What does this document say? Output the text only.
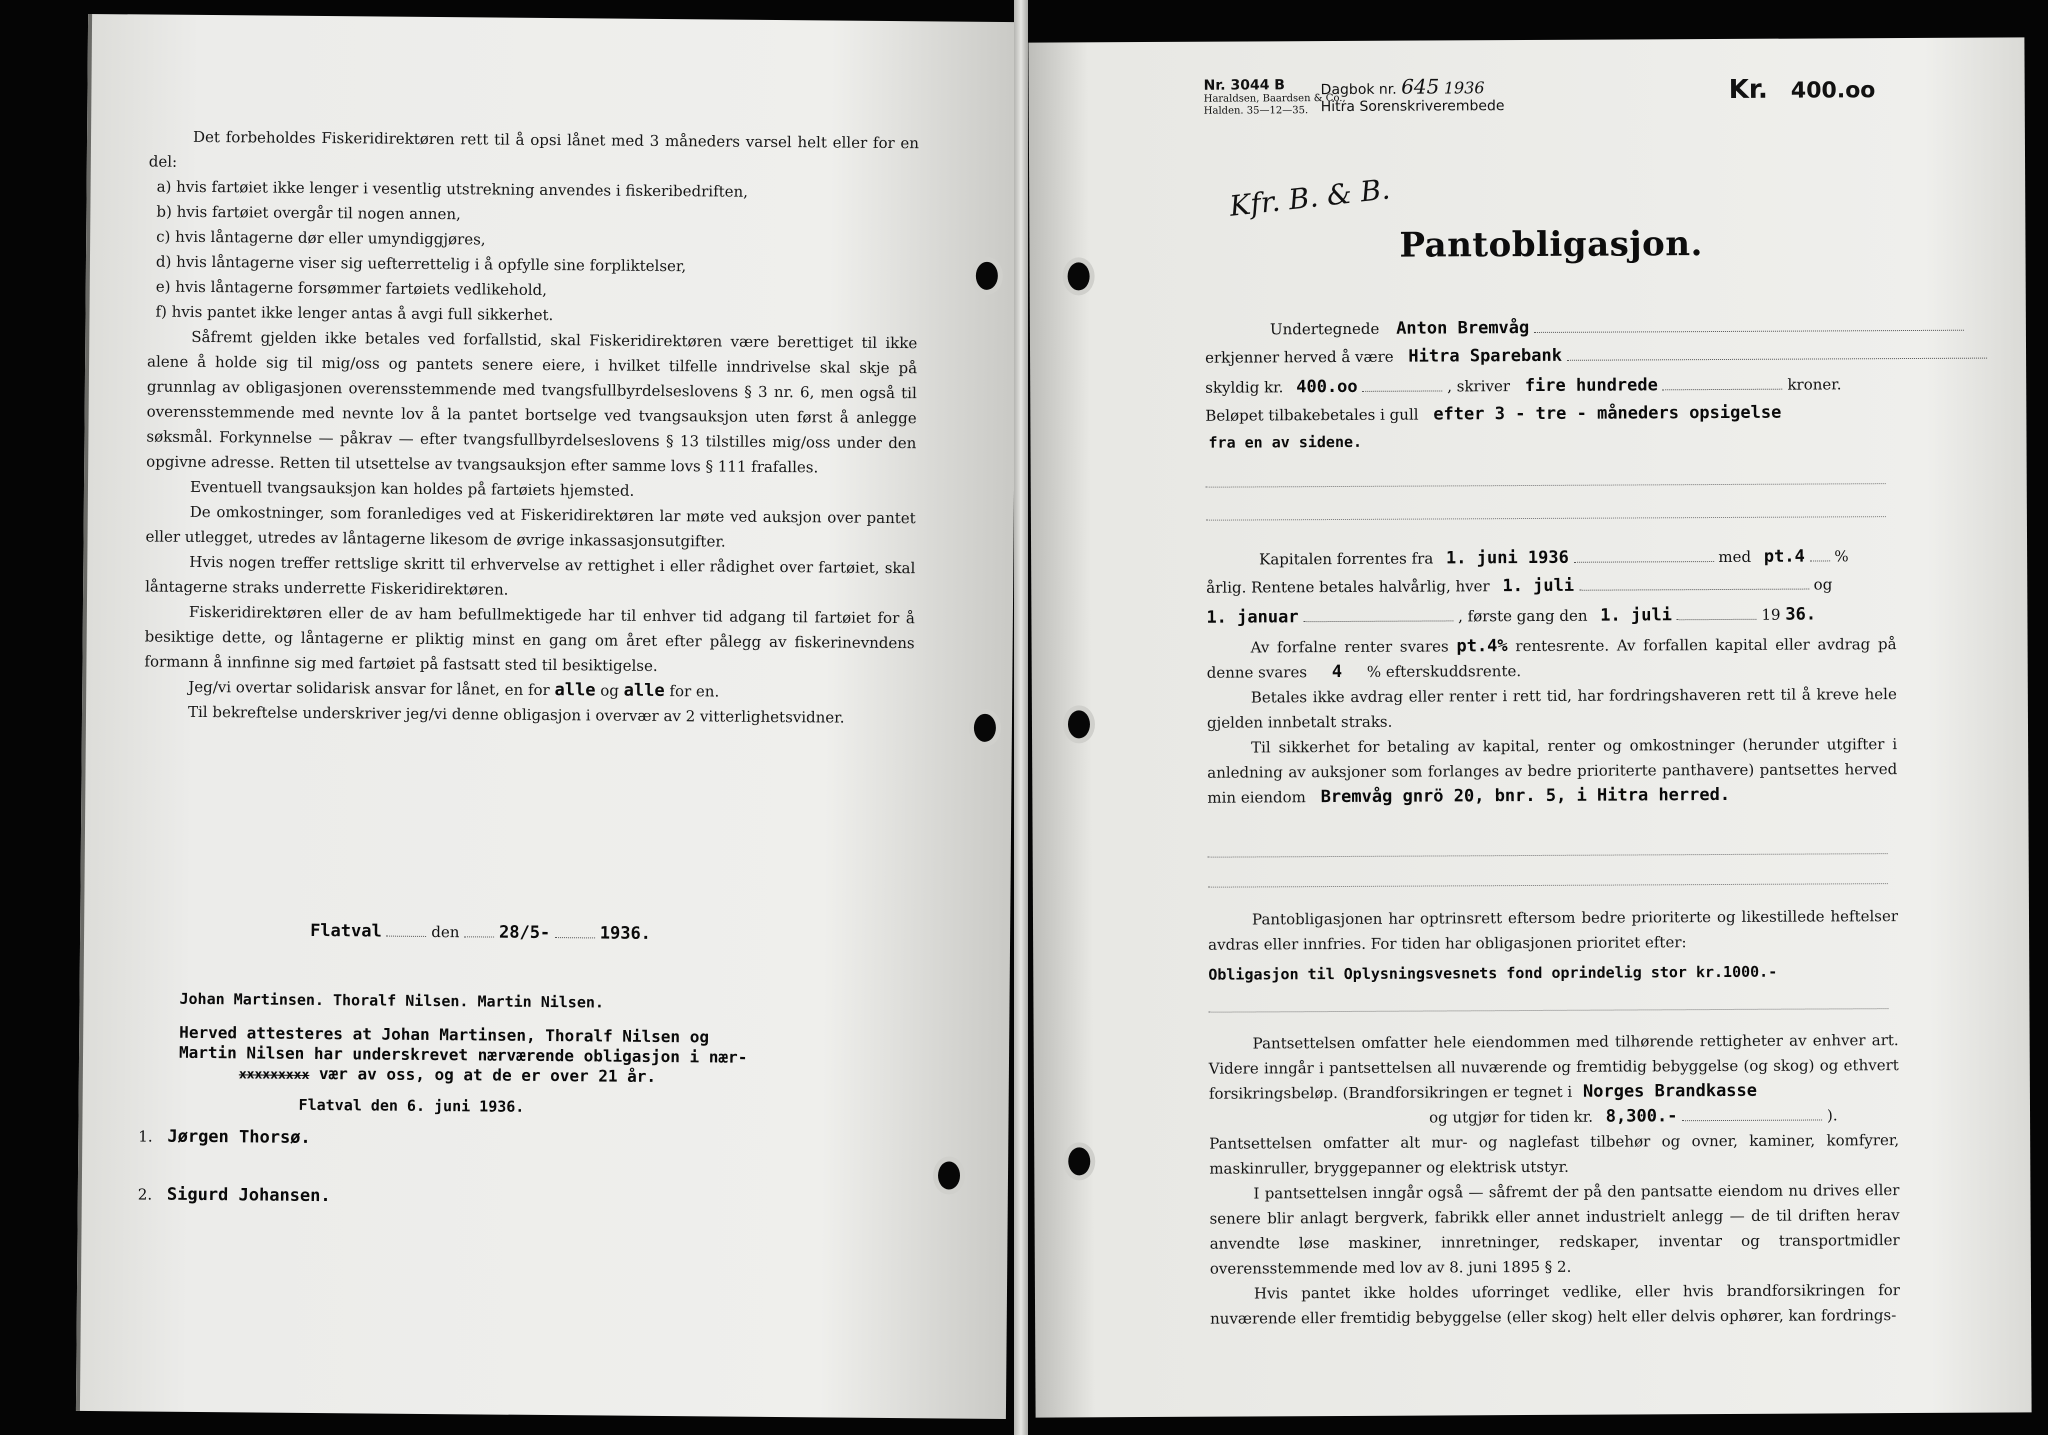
Det forbeholdes Fiskeridirektøren rett til å opsi lånet med 3 måneders varsel helt eller for en del:

a) hvis fartøiet ikke lenger i vesentlig utstrekning anvendes i fiskeribedriften,

b) hvis fartøiet overgår til nogen annen,

c) hvis låntagerne dør eller umyndiggjøres,

d) hvis låntagerne viser sig uefterrettelig i å opfylle sine forpliktelser,

e) hvis låntagerne forsømmer fartøiets vedlikehold,

f) hvis pantet ikke lenger antas å avgi full sikkerhet.

Såfremt gjelden ikke betales ved forfallstid, skal Fiskeridirektøren være berettiget til ikke alene å holde sig til mig/oss og pantets senere eiere, i hvilket tilfelle inndrivelse skal skje på grunnlag av obligasjonen overensstemmende med tvangsfullbyrdelseslovens § 3 nr. 6, men også til overensstemmende med nevnte lov å la pantet bortselge ved tvangsauksjon uten først å anlegge søksmål. Forkynnelse — påkrav — efter tvangsfullbyrdelseslovens § 13 tilstilles mig/oss under den opgivne adresse. Retten til utsettelse av tvangsauksjon efter samme lovs § 111 frafalles.

Eventuell tvangsauksjon kan holdes på fartøiets hjemsted.

De omkostninger, som foranlediges ved at Fiskeridirektøren lar møte ved auksjon over pantet eller utlegget, utredes av låntagerne likesom de øvrige inkassasjonsutgifter.

Hvis nogen treffer rettslige skritt til erhvervelse av rettighet i eller rådighet over fartøiet, skal låntagerne straks underrette Fiskeridirektøren.

Fiskeridirektøren eller de av ham befullmektigede har til enhver tid adgang til fartøiet for å besiktige dette, og låntagerne er pliktig minst en gang om året efter pålegg av fiskerinevndens formann å innfinne sig med fartøiet på fastsatt sted til besiktigelse.

Jeg/vi overtar solidarisk ansvar for lånet, en for alle og alle for en.

Til bekreftelse underskriver jeg/vi denne obligasjon i overvær av 2 vitterlighetsvidner.

Flatval	den 28/5-	1936.
Johan Martinsen. Thoralf Nilsen. Martin Nilsen.
Herved attesteres at Johan Martinsen, Thoralf Nilsen og
Martin Nilsen har underskrevet nærværende obligasjon i nær-
xxxxxxxxx vær av oss, og at de er over 21 år.
Flatval den 6. juni 1936.
1. Jørgen Thorsø.
2. Sigurd Johansen.
Nr. 3044 B
Haraldsen, Baardsen & Co.,
Halden. 35—12—35.
Dagbok nr. 645 1936
Hitra Sorenskriverembede
Kr. 400.oo
Kfr. B. & B.
Pantobligasjon.
Undertegnede Anton Bremvåg
erkjenner herved å være Hitra Sparebank
skyldig kr. 400.oo	, skriver fire hundrede	kroner.
Beløpet tilbakebetales i gull efter 3 - tre - måneders opsigelse
fra en av sidene.
Kapitalen forrentes fra 1. juni 1936	med pt.4 %
årlig. Rentene betales halvårlig, hver 1. juli	og
1. januar	, første gang den 1. juli	19 36.

Av forfalne renter svares pt.4% rentesrente. Av forfallen kapital eller avdrag på denne svares 4 % efterskuddsrente.

Betales ikke avdrag eller renter i rett tid, har fordringshaveren rett til å kreve hele gjelden innbetalt straks.

Til sikkerhet for betaling av kapital, renter og omkostninger (herunder utgifter i anledning av auksjoner som forlanges av bedre prioriterte panthavere) pantsettes herved min eiendom Bremvåg gnrö 20, bnr. 5, i Hitra herred.

Pantobligasjonen har optrinsrett eftersom bedre prioriterte og likestillede heftelser avdras eller innfries. For tiden har obligasjonen prioritet efter:

Obligasjon til Oplysningsvesnets fond oprindelig stor kr.1000.-

Pantsettelsen omfatter hele eiendommen med tilhørende rettigheter av enhver art. Videre inngår i pantsettelsen all nuværende og fremtidig bebyggelse (og skog) og ethvert forsikringsbeløp. (Brandforsikringen er tegnet i Norges Brandkasse

og utgjør for tiden kr. 8,300.-	).

Pantsettelsen omfatter alt mur- og naglefast tilbehør og ovner, kaminer, komfyrer, maskinruller, bryggepanner og elektrisk utstyr.

I pantsettelsen inngår også — såfremt der på den pantsatte eiendom nu drives eller senere blir anlagt bergverk, fabrikk eller annet industrielt anlegg — de til driften herav anvendte løse maskiner, innretninger, redskaper, inventar og transportmidler overensstemmende med lov av 8. juni 1895 § 2.

Hvis pantet ikke holdes uforringet vedlike, eller hvis brandforsikringen for nuværende eller fremtidig bebyggelse (eller skog) helt eller delvis ophører, kan fordrings-
